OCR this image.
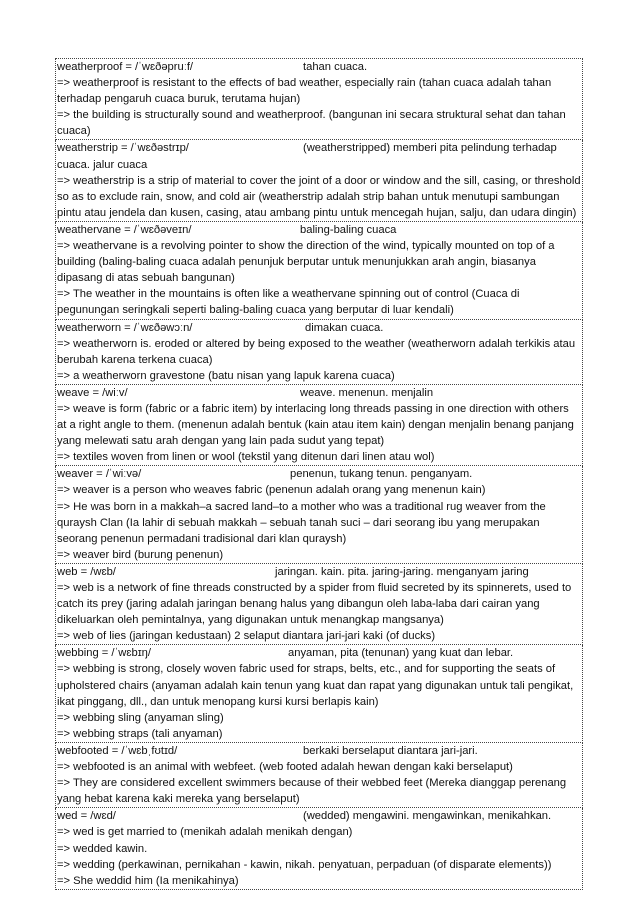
weatherproof = /ˈwɛðəpruːf/	tahan cuaca.
=> weatherproof is resistant to the effects of bad weather, especially rain (tahan cuaca adalah tahan terhadap pengaruh cuaca buruk, terutama hujan)
=> the building is structurally sound and weatherproof. (bangunan ini secara struktural sehat dan tahan cuaca)
weatherstrip = /ˈwɛðəstrɪp/	(weatherstripped) memberi pita pelindung terhadap
cuaca. jalur cuaca
=> weatherstrip is a strip of material to cover the joint of a door or window and the sill, casing, or threshold so as to exclude rain, snow, and cold air (weatherstrip adalah strip bahan untuk menutupi sambungan pintu atau jendela dan kusen, casing, atau ambang pintu untuk mencegah hujan, salju, dan udara dingin)
weathervane = /ˈwɛðəveɪn/	baling-baling cuaca
=> weathervane is a revolving pointer to show the direction of the wind, typically mounted on top of a building (baling-baling cuaca adalah penunjuk berputar untuk menunjukkan arah angin, biasanya dipasang di atas sebuah bangunan)
=> The weather in the mountains is often like a weathervane spinning out of control (Cuaca di pegunungan seringkali seperti baling-baling cuaca yang berputar di luar kendali)
weatherworn = /ˈwɛðəwɔːn/	dimakan cuaca.
=> weatherworn is. eroded or altered by being exposed to the weather (weatherworn adalah terkikis atau berubah karena terkena cuaca)
=> a weatherworn gravestone (batu nisan yang lapuk karena cuaca)
weave = /wiːv/	weave. menenun. menjalin
=> weave is form (fabric or a fabric item) by interlacing long threads passing in one direction with others at a right angle to them. (menenun adalah bentuk (kain atau item kain) dengan menjalin benang panjang yang melewati satu arah dengan yang lain pada sudut yang tepat)
=> textiles woven from linen or wool (tekstil yang ditenun dari linen atau wol)
weaver = /ˈwiːvə/	penenun, tukang tenun. penganyam.
=> weaver is a person who weaves fabric (penenun adalah orang yang menenun kain)
=> He was born in a makkah–a sacred land–to a mother who was a traditional rug weaver from the quraysh Clan (Ia lahir di sebuah makkah – sebuah tanah suci – dari seorang ibu yang merupakan seorang penenun permadani tradisional dari klan quraysh)
=> weaver bird (burung penenun)
web = /wɛb/	jaringan. kain. pita. jaring-jaring. menganyam jaring
=> web is a network of fine threads constructed by a spider from fluid secreted by its spinnerets, used to catch its prey (jaring adalah jaringan benang halus yang dibangun oleh laba-laba dari cairan yang dikeluarkan oleh pemintalnya, yang digunakan untuk menangkap mangsanya)
=> web of lies (jaringan kedustaan) 2 selaput diantara jari-jari kaki (of ducks)
webbing = /ˈwɛbɪŋ/	anyaman, pita (tenunan) yang kuat dan lebar.
=> webbing is strong, closely woven fabric used for straps, belts, etc., and for supporting the seats of upholstered chairs (anyaman adalah kain tenun yang kuat dan rapat yang digunakan untuk tali pengikat, ikat pinggang, dll., dan untuk menopang kursi kursi berlapis kain)
=> webbing sling (anyaman sling)
=> webbing straps (tali anyaman)
webfooted = /ˈwɛbˌfʊtɪd/	berkaki berselaput diantara jari-jari.
=> webfooted is an animal with webfeet. (web footed adalah hewan dengan kaki berselaput)
=> They are considered excellent swimmers because of their webbed feet (Mereka dianggap perenang yang hebat karena kaki mereka yang berselaput)
wed = /wɛd/	(wedded) mengawini. mengawinkan, menikahkan.
=> wed is get married to (menikah adalah menikah dengan)
=> wedded kawin.
=> wedding (perkawinan, pernikahan - kawin, nikah. penyatuan, perpaduan (of disparate elements))
=> She weddid him (Ia menikahinya)
